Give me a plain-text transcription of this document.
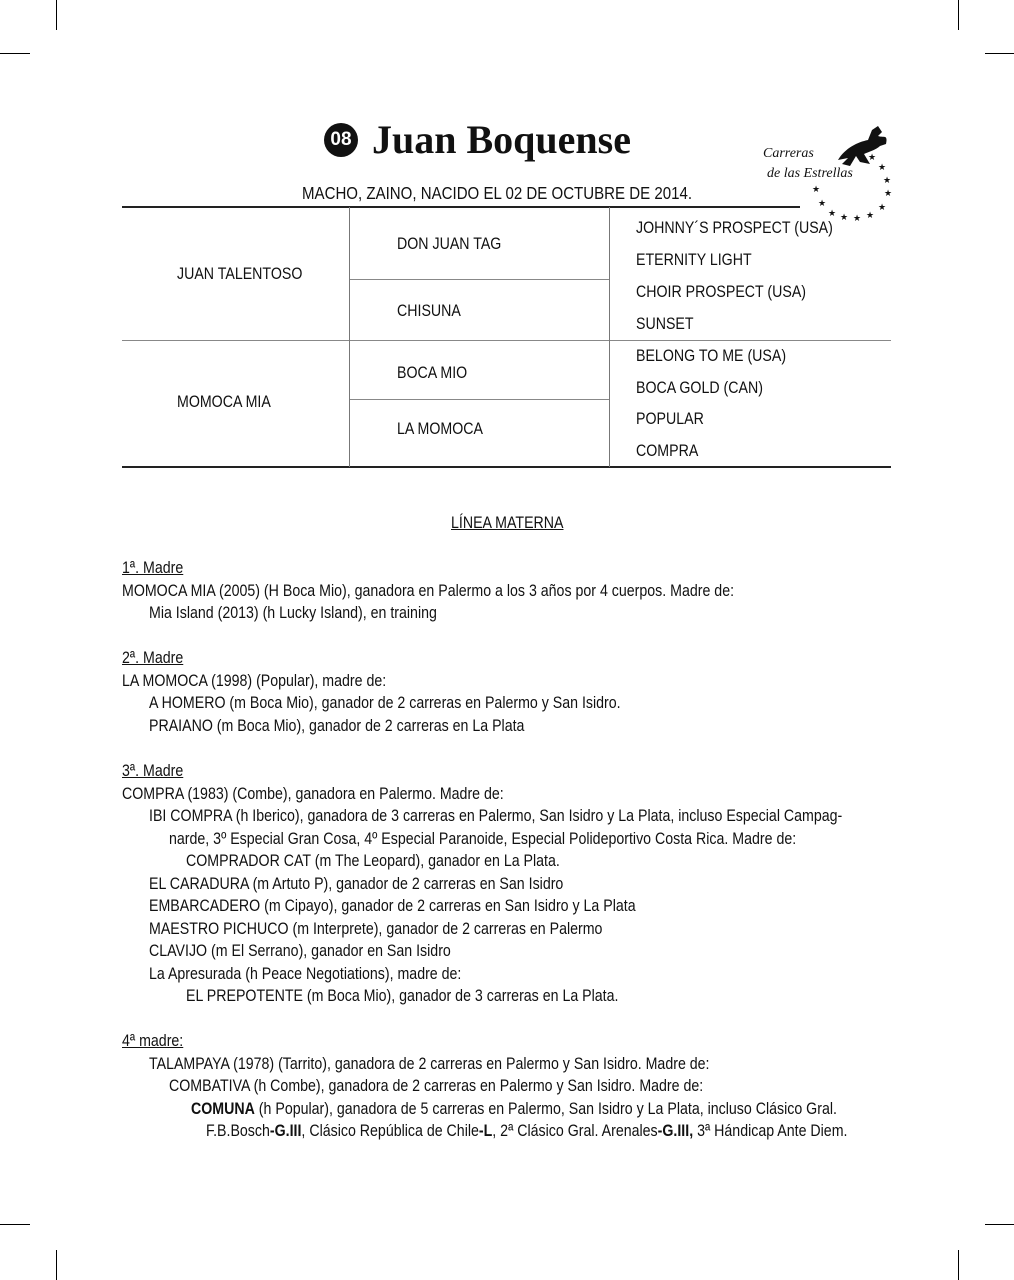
08 Juan Boquense	★
★
★
★
★
★
★
★
★
★
★
Carreras
de las Estrellas
MACHO, ZAINO, NACIDO EL 02 DE OCTUBRE DE 2014.
JUAN TALENTOSO
MOMOCA MIA
DON JUAN TAG
CHISUNA
BOCA MIO
LA MOMOCA
JOHNNY´S PROSPECT (USA)
ETERNITY LIGHT
CHOIR PROSPECT (USA)
SUNSET
BELONG TO ME (USA)
BOCA GOLD (CAN)
POPULAR
COMPRA
LÍNEA MATERNA
1ª. Madre
MOMOCA MIA (2005) (H Boca Mio), ganadora en Palermo a los 3 años por 4 cuerpos. Madre de:
Mia Island (2013) (h Lucky Island), en training
2ª. Madre
LA MOMOCA (1998) (Popular), madre de:
A HOMERO (m Boca Mio), ganador de 2 carreras en Palermo y San Isidro.
PRAIANO (m Boca Mio), ganador de 2 carreras en La Plata
3ª. Madre
COMPRA (1983) (Combe), ganadora en Palermo. Madre de:
IBI COMPRA (h Iberico), ganadora de 3 carreras en Palermo, San Isidro y La Plata, incluso Especial Campag-
narde, 3º Especial Gran Cosa, 4º Especial Paranoide, Especial Polideportivo Costa Rica. Madre de:
COMPRADOR CAT (m The Leopard), ganador en La Plata.
EL CARADURA (m Artuto P), ganador de 2 carreras en San Isidro
EMBARCADERO (m Cipayo), ganador de 2 carreras en San Isidro y La Plata
MAESTRO PICHUCO (m Interprete), ganador de 2 carreras en Palermo
CLAVIJO (m El Serrano), ganador en San Isidro
La Apresurada (h Peace Negotiations), madre de:
EL PREPOTENTE (m Boca Mio), ganador de 3 carreras en La Plata.
4ª madre:
TALAMPAYA (1978) (Tarrito), ganadora de 2 carreras en Palermo y San Isidro. Madre de:
COMBATIVA (h Combe), ganadora de 2 carreras en Palermo y San Isidro. Madre de:
COMUNA (h Popular), ganadora de 5 carreras en Palermo, San Isidro y La Plata, incluso Clásico Gral.
F.B.Bosch-G.III, Clásico República de Chile-L, 2ª Clásico Gral. Arenales-G.III, 3ª Hándicap Ante Diem.
